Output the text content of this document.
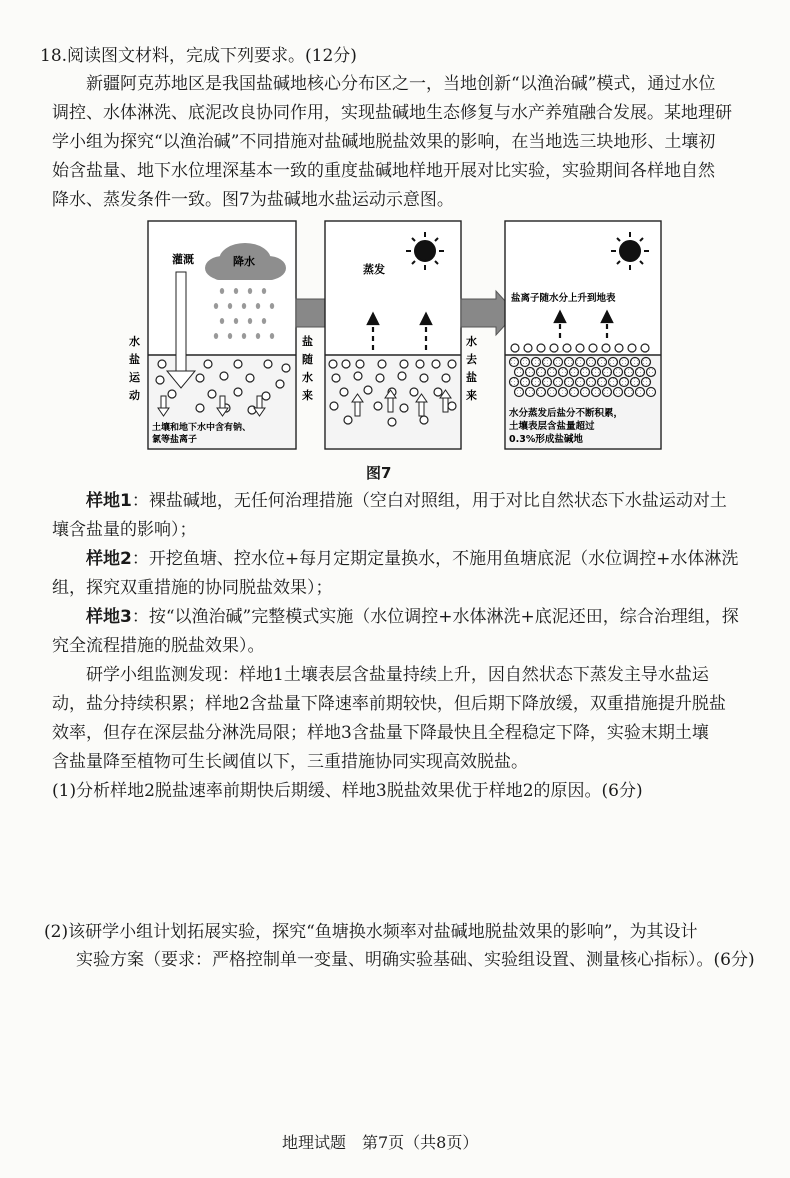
18.阅读图文材料，完成下列要求。(12分)
新疆阿克苏地区是我国盐碱地核心分布区之一，当地创新“以渔治碱”模式，通过水位
调控、水体淋洗、底泥改良协同作用，实现盐碱地生态修复与水产养殖融合发展。某地理研
学小组为探究“以渔治碱”不同措施对盐碱地脱盐效果的影响，在当地选三块地形、土壤初
始含盐量、地下水位埋深基本一致的重度盐碱地样地开展对比实验，实验期间各样地自然
降水、蒸发条件一致。图7为盐碱地水盐运动示意图。
灌溉	降水
土壤和地下水中含有钠、
氯等盐离子
水盐运动
盐随水来
蒸发
水去盐来
盐离子随水分上升到地表
水分蒸发后盐分不断积累，
土壤表层含盐量超过
0.3%形成盐碱地
图7
样地1：裸盐碱地，无任何治理措施（空白对照组，用于对比自然状态下水盐运动对土
壤含盐量的影响）；
样地2：开挖鱼塘、控水位+每月定期定量换水，不施用鱼塘底泥（水位调控+水体淋洗
组，探究双重措施的协同脱盐效果）；
样地3：按“以渔治碱”完整模式实施（水位调控+水体淋洗+底泥还田，综合治理组，探
究全流程措施的脱盐效果）。
研学小组监测发现：样地1土壤表层含盐量持续上升，因自然状态下蒸发主导水盐运
动，盐分持续积累；样地2含盐量下降速率前期较快，但后期下降放缓，双重措施提升脱盐
效率，但存在深层盐分淋洗局限；样地3含盐量下降最快且全程稳定下降，实验末期土壤
含盐量降至植物可生长阈值以下，三重措施协同实现高效脱盐。
(1)分析样地2脱盐速率前期快后期缓、样地3脱盐效果优于样地2的原因。(6分)
(2)该研学小组计划拓展实验，探究“鱼塘换水频率对盐碱地脱盐效果的影响”，为其设计
实验方案（要求：严格控制单一变量、明确实验基础、实验组设置、测量核心指标）。(6分)
地理试题　第7页（共8页）
